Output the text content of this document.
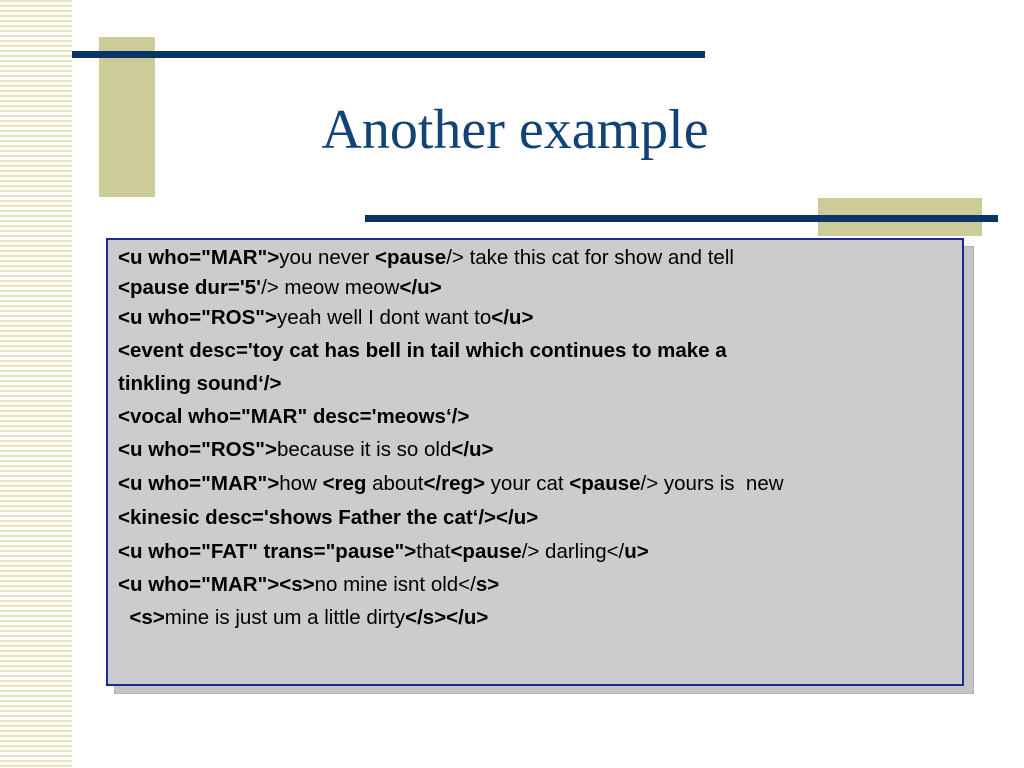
Another example
<u who="MAR">you never <pause/> take this cat for show and tell
<pause dur='5'/> meow meow</u>
<u who="ROS">yeah well I dont want to</u>
<event desc='toy cat has bell in tail which continues to make a
tinkling sound‘/>
<vocal who="MAR" desc='meows‘/>
<u who="ROS">because it is so old</u>
<u who="MAR">how <reg about</reg> your cat <pause/> yours is  new
<kinesic desc='shows Father the cat‘/></u>
<u who="FAT" trans="pause">that<pause/> darling</u>
<u who="MAR"><s>no mine isnt old</s>
<s>mine is just um a little dirty</s></u>
